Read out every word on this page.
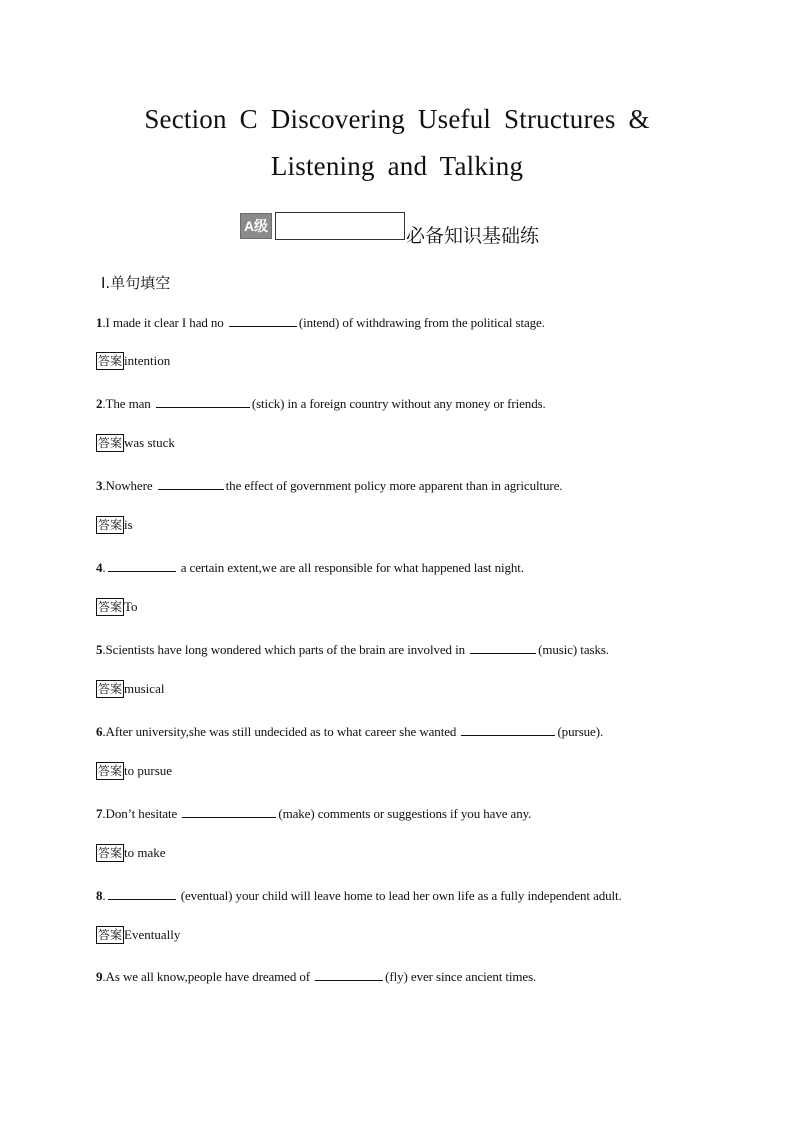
Section C Discovering Useful Structures &
Listening and Talking
A级	必备知识基础练
Ⅰ.单句填空
1.I made it clear I had no	(intend) of withdrawing from the political stage.
答案 intention
2.The man	(stick) in a foreign country without any money or friends.
答案 was stuck
3.Nowhere	the effect of government policy more apparent than in agriculture.
答案 is
4.	a certain extent,we are all responsible for what happened last night.
答案 To
5.Scientists have long wondered which parts of the brain are involved in	(music) tasks.
答案 musical
6.After university,she was still undecided as to what career she wanted	(pursue).
答案 to pursue
7.Don’t hesitate	(make) comments or suggestions if you have any.
答案 to make
8.	(eventual) your child will leave home to lead her own life as a fully independent adult.
答案 Eventually
9.As we all know,people have dreamed of	(fly) ever since ancient times.
